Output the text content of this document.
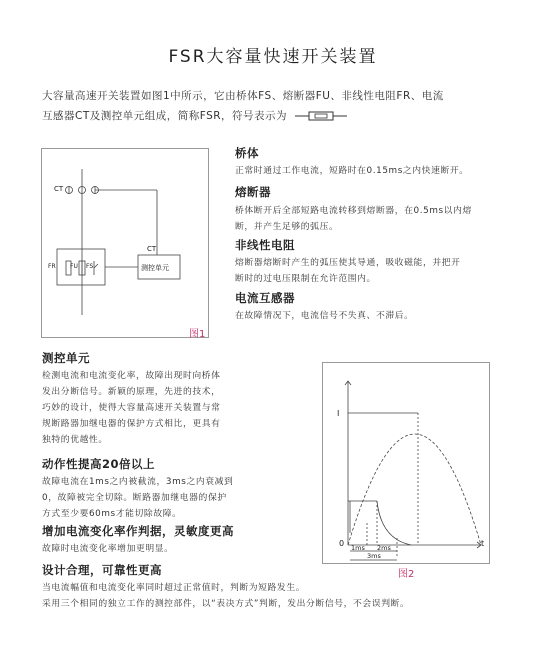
FSR大容量快速开关装置
大容量高速开关装置如图1中所示，它由桥体FS、熔断器FU、非线性电阻FR、电流
互感器CT及测控单元组成，简称FSR，符号表示为
CT
CT
FR FU FS	测控单元
图1
桥体
正常时通过工作电流，短路时在0.15ms之内快速断开。
熔断器
桥体断开后全部短路电流转移到熔断器，在0.5ms以内熔
断，并产生足够的弧压。
非线性电阻
熔断器熔断时产生的弧压使其导通，吸收磁能，并把开
断时的过电压限制在允许范围内。
电流互感器
在故障情况下，电流信号不失真、不滞后。
测控单元
检测电流和电流变化率，故障出现时向桥体
发出分断信号。新颖的原理，先进的技术，
巧妙的设计，使得大容量高速开关装置与常
规断路器加继电器的保护方式相比，更具有
独特的优越性。
动作性提高20倍以上
故障电流在1ms之内被截流，3ms之内衰减到
0，故障被完全切除。断路器加继电器的保护
方式至少要60ms才能切除故障。
增加电流变化率作判据，灵敏度更高
故障时电流变化率增加更明显。
设计合理，可靠性更高
当电流幅值和电流变化率同时超过正常值时，判断为短路发生。
采用三个相同的独立工作的测控部件，以“表决方式”判断，发出分断信号，不会误判断。
I
t
0 1ms 2ms
3ms
图2
